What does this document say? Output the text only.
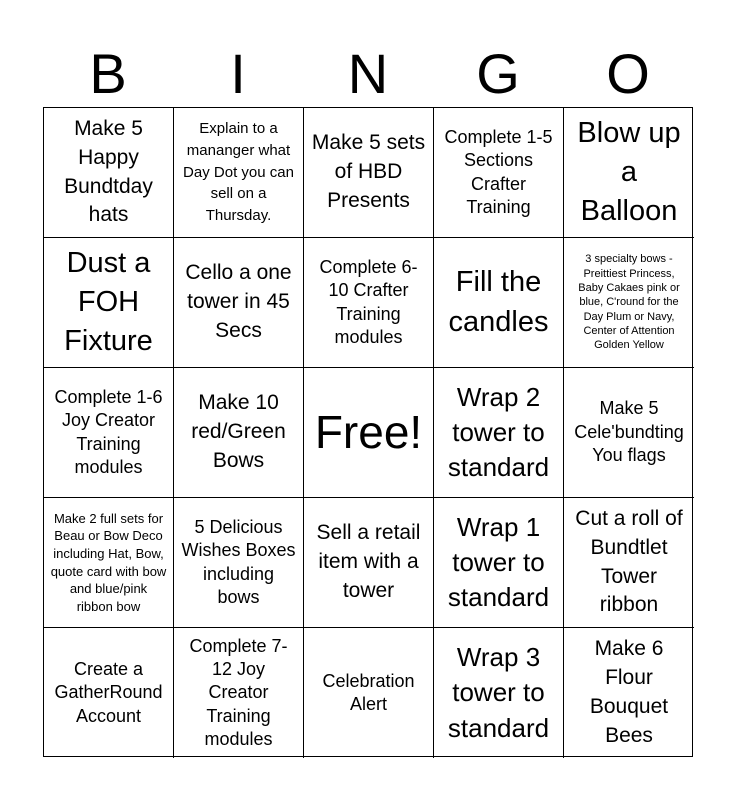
B	I	N	G	O
Make 5 Happy Bundtday hats
Explain to a mananger what Day Dot you can sell on a Thursday.
Make 5 sets of HBD Presents
Complete 1-5 Sections Crafter Training
Blow up a Balloon
Dust a FOH Fixture
Cello a one tower in 45 Secs
Complete 6-10 Crafter Training modules
Fill the candles
3 specialty bows - Preittiest Princess, Baby Cakaes pink or blue, C'round for the Day Plum or Navy, Center of Attention Golden Yellow
Complete 1-6 Joy Creator Training modules
Make 10 red/Green Bows
Free!
Wrap 2 tower to standard
Make 5 Cele'bundting You flags
Make 2 full sets for Beau or Bow Deco including Hat, Bow, quote card with bow and blue/pink ribbon bow
5 Delicious Wishes Boxes including bows
Sell a retail item with a tower
Wrap 1 tower to standard
Cut a roll of Bundtlet Tower ribbon
Create a GatherRound Account
Complete 7-12 Joy Creator Training modules
Celebration Alert
Wrap 3 tower to standard
Make 6 Flour Bouquet Bees
